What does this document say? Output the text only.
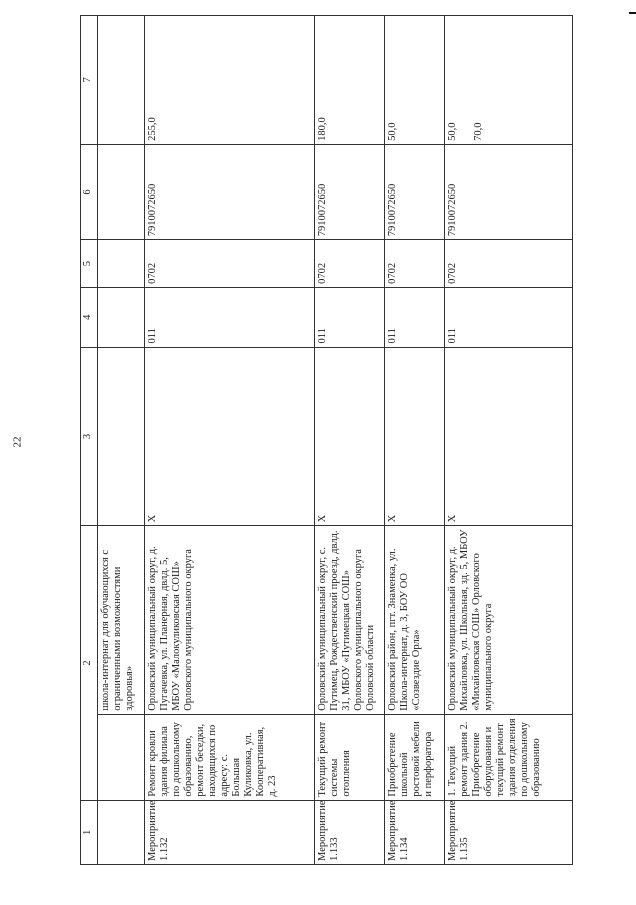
22
1	2		3	4	5	6	7
		школа-интернат для обучающихся с ограниченными возможностями здоровья»					
Мероприятие 1.132	Ремонт кровли здания филиала по дошкольному образованию, ремонт беседки, находящихся по адресу: с. Большая Куликовка, ул. Кооперативная, д. 23	Орловский муниципальный округ, д. Пугачевка, ул. Планерная, двлд. 5, МБОУ «Малокуликовская СОШ» Орловского муниципального округа	X	011	0702	7910072650	255,0

Мероприятие 1.133	Текущий ремонт системы отопления	Орловский муниципальный округ, с. Путимец, Рождественский проезд, двлд. 31, МБОУ «Путимецкая СОШ» Орловского муниципального округа Орловской области	X	011	0702	7910072650	180,0

Мероприятие 1.134	Приобретение школьной ростовой мебели и перфоратора	Орловский район, пгт. Знаменка, ул. Школа-интернат, д. 3, БОУ ОО «Созвездие Орла»	X	011	0702	7910072650	50,0

Мероприятие 1.135	1. Текущий ремонт здания 2. Приобретение оборудования и текущий ремонт здания отделения по дошкольному образованию	Орловский муниципальный округ, д. Михайловка, ул. Школьная, зд. 5, МБОУ «Михайловская СОШ» Орловского муниципального округа	X	011	0702	7910072650	50,0 70,0
